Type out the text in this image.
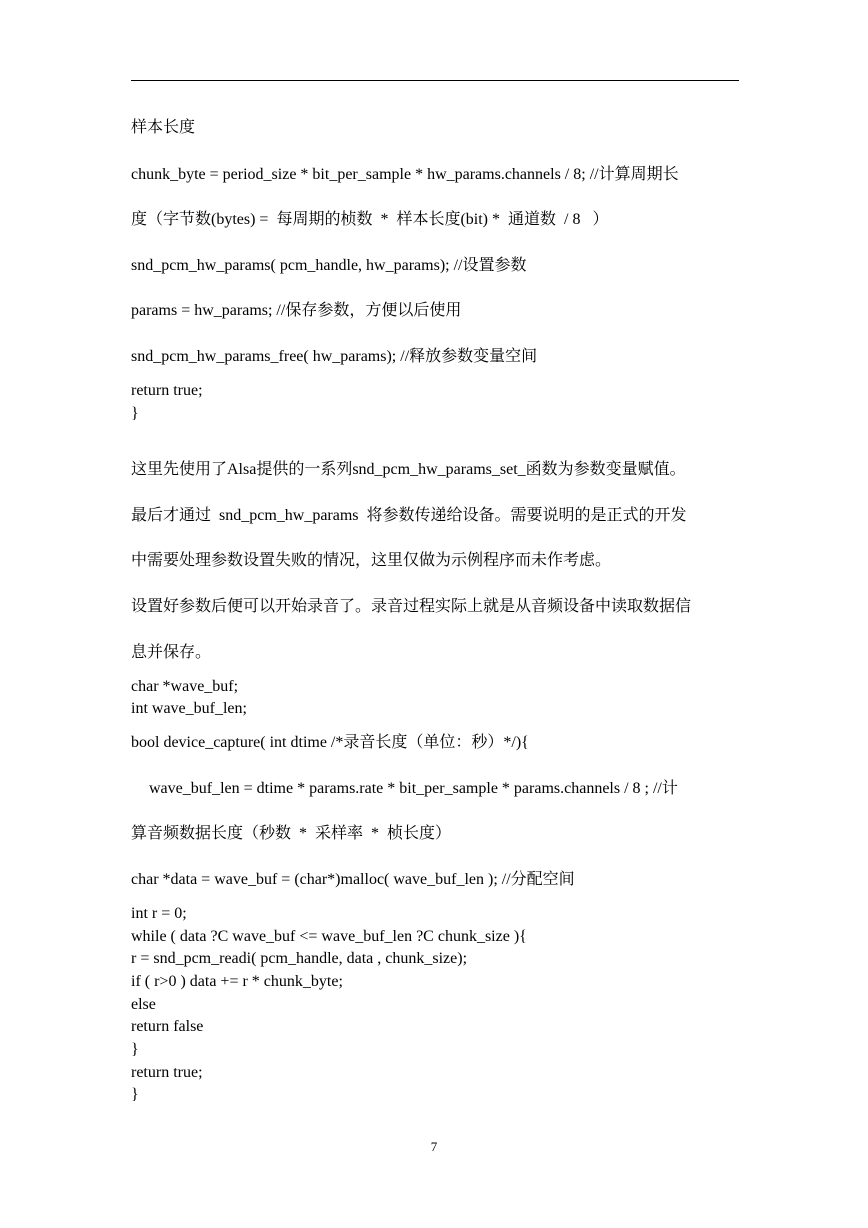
样本长度
chunk_byte = period_size * bit_per_sample * hw_params.channels / 8; //计算周期长
度（字节数(bytes) =  每周期的桢数  *  样本长度(bit) *  通道数  / 8   ）
snd_pcm_hw_params( pcm_handle, hw_params); //设置参数
params = hw_params; //保存参数，方便以后使用
snd_pcm_hw_params_free( hw_params); //释放参数变量空间
return true;
}
这里先使用了Alsa提供的一系列snd_pcm_hw_params_set_函数为参数变量赋值。
最后才通过  snd_pcm_hw_params  将参数传递给设备。需要说明的是正式的开发
中需要处理参数设置失败的情况，这里仅做为示例程序而未作考虑。
设置好参数后便可以开始录音了。录音过程实际上就是从音频设备中读取数据信
息并保存。
char *wave_buf;
int wave_buf_len;
bool device_capture( int dtime /*录音长度（单位：秒）*/){
wave_buf_len = dtime * params.rate * bit_per_sample * params.channels / 8 ; //计
算音频数据长度（秒数  *  采样率  *  桢长度）
char *data = wave_buf = (char*)malloc( wave_buf_len ); //分配空间
int r = 0;
while ( data ?C wave_buf <= wave_buf_len ?C chunk_size ){
r = snd_pcm_readi( pcm_handle, data , chunk_size);
if ( r>0 ) data += r * chunk_byte;
else
return false
}
return true;
}
7
